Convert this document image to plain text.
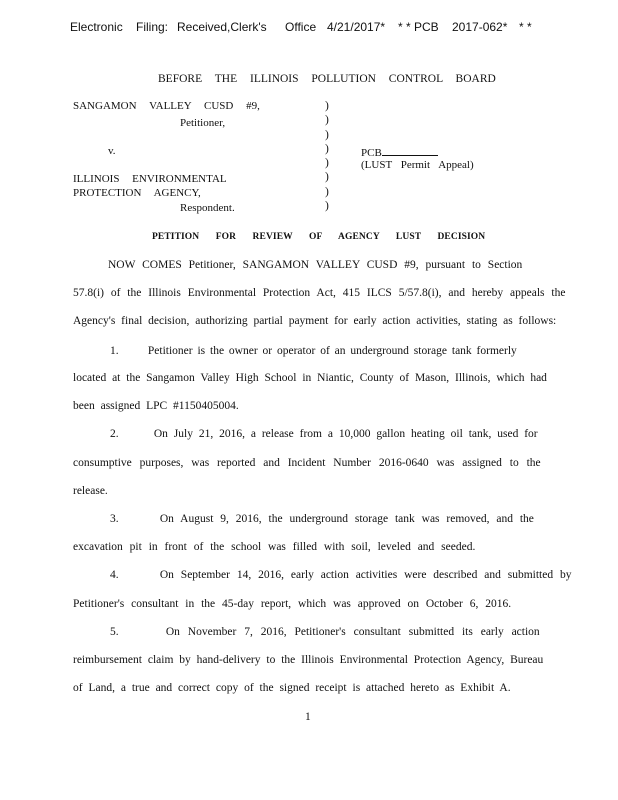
Electronic Filing: Received,Clerk's Office 4/21/2017* * * PCB 2017-062* * *
BEFORE THE ILLINOIS POLLUTION CONTROL BOARD
SANGAMON VALLEY CUSD #9,
Petitioner,
v.
ILLINOIS ENVIRONMENTAL
PROTECTION AGENCY,
Respondent.
)
)
)
)
)
)
)
)
PCB
(LUST Permit Appeal)
PETITION FOR REVIEW OF AGENCY LUST DECISION
NOW COMES Petitioner, SANGAMON VALLEY CUSD #9, pursuant to Section
57.8(i) of the Illinois Environmental Protection Act, 415 ILCS 5/57.8(i), and hereby appeals the
Agency's final decision, authorizing partial payment for early action activities, stating as follows:
1.      Petitioner is the owner or operator of an underground storage tank formerly
located at the Sangamon Valley High School in Niantic, County of Mason, Illinois, which had
been assigned LPC #1150405004.
2.      On July 21, 2016, a release from a 10,000 gallon heating oil tank, used for
consumptive purposes, was reported and Incident Number 2016-0640 was assigned to the
release.
3.      On August 9, 2016, the underground storage tank was removed, and the
excavation pit in front of the school was filled with soil, leveled and seeded.
4.      On September 14, 2016, early action activities were described and submitted by
Petitioner's consultant in the 45-day report, which was approved on October 6, 2016.
5.      On November 7, 2016, Petitioner's consultant submitted its early action
reimbursement claim by hand-delivery to the Illinois Environmental Protection Agency, Bureau
of Land, a true and correct copy of the signed receipt is attached hereto as Exhibit A.
1
